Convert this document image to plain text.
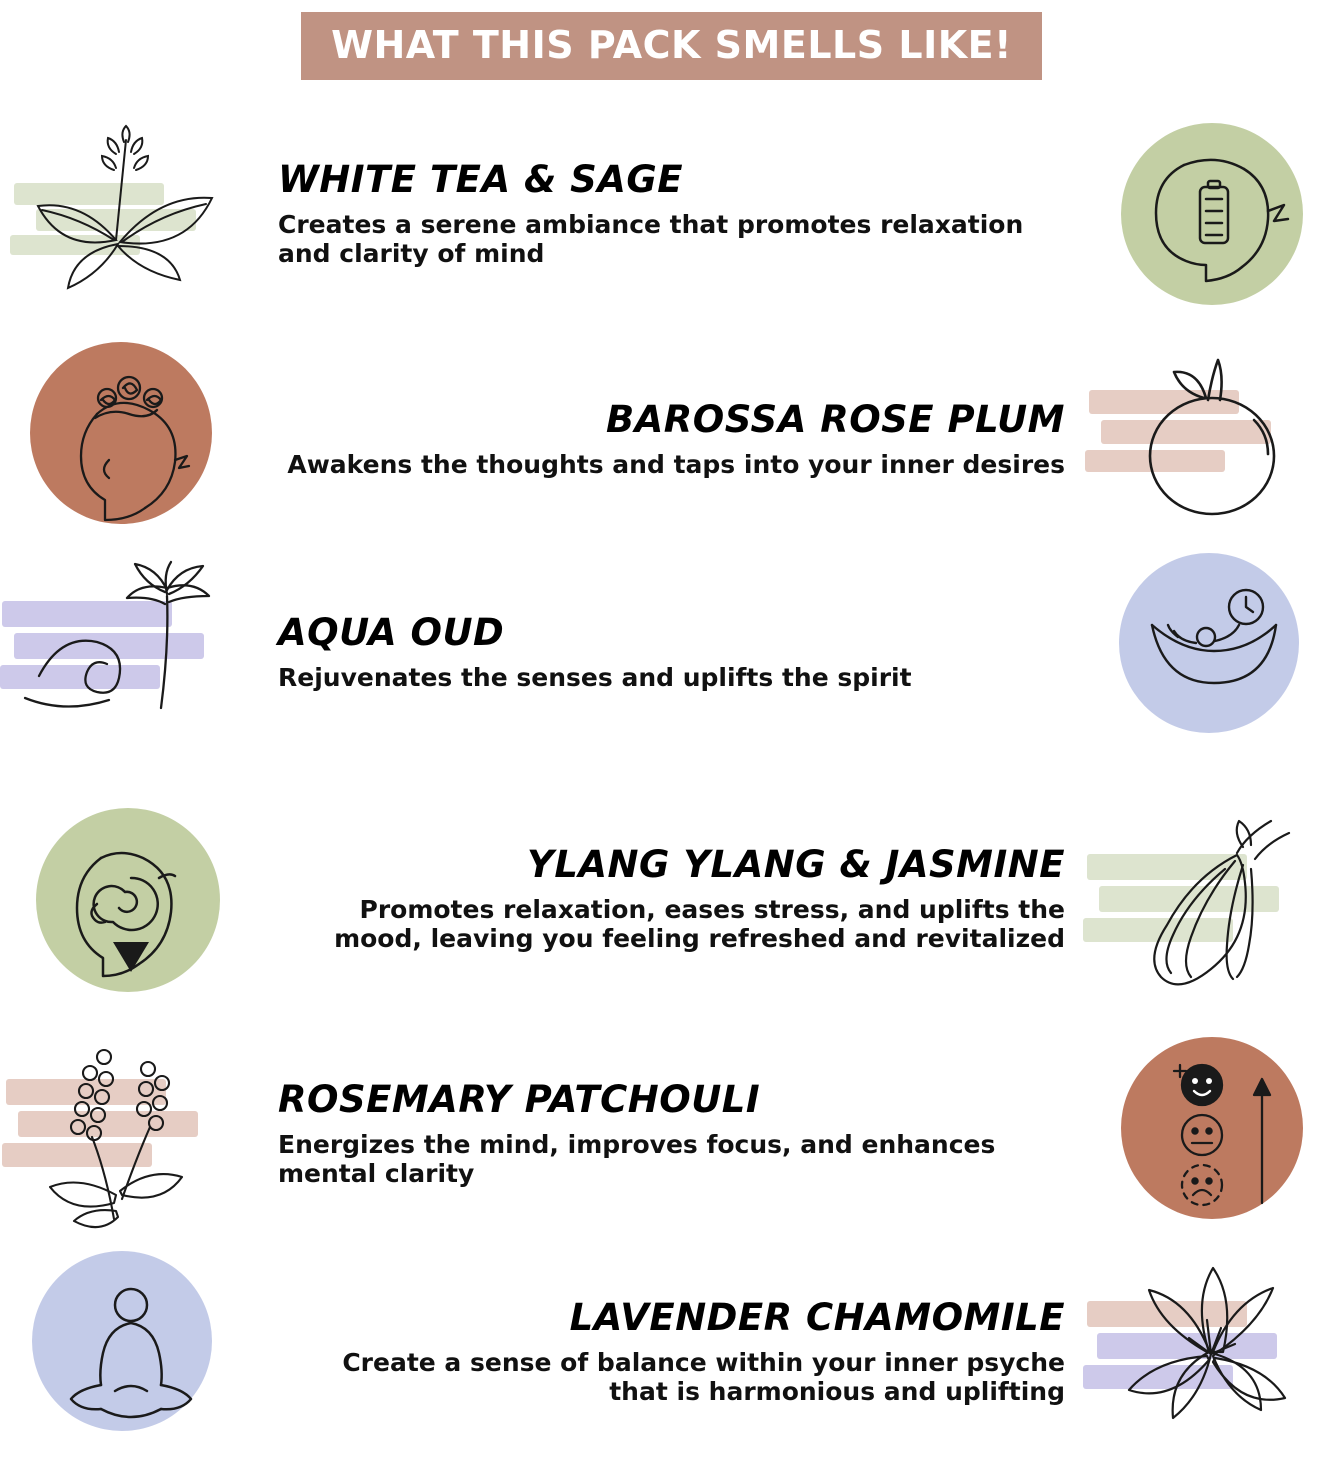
WHAT THIS PACK SMELLS LIKE!
WHITE TEA & SAGE
Creates a serene ambiance that promotes relaxation and clarity of mind
BAROSSA ROSE PLUM
Awakens the thoughts and taps into your inner desires
AQUA OUD
Rejuvenates the senses and uplifts the spirit
YLANG YLANG & JASMINE
Promotes relaxation, eases stress, and uplifts the mood, leaving you feeling refreshed and revitalized
ROSEMARY PATCHOULI
Energizes the mind, improves focus, and enhances mental clarity
LAVENDER CHAMOMILE
Create a sense of balance within your inner psyche that is harmonious and uplifting
